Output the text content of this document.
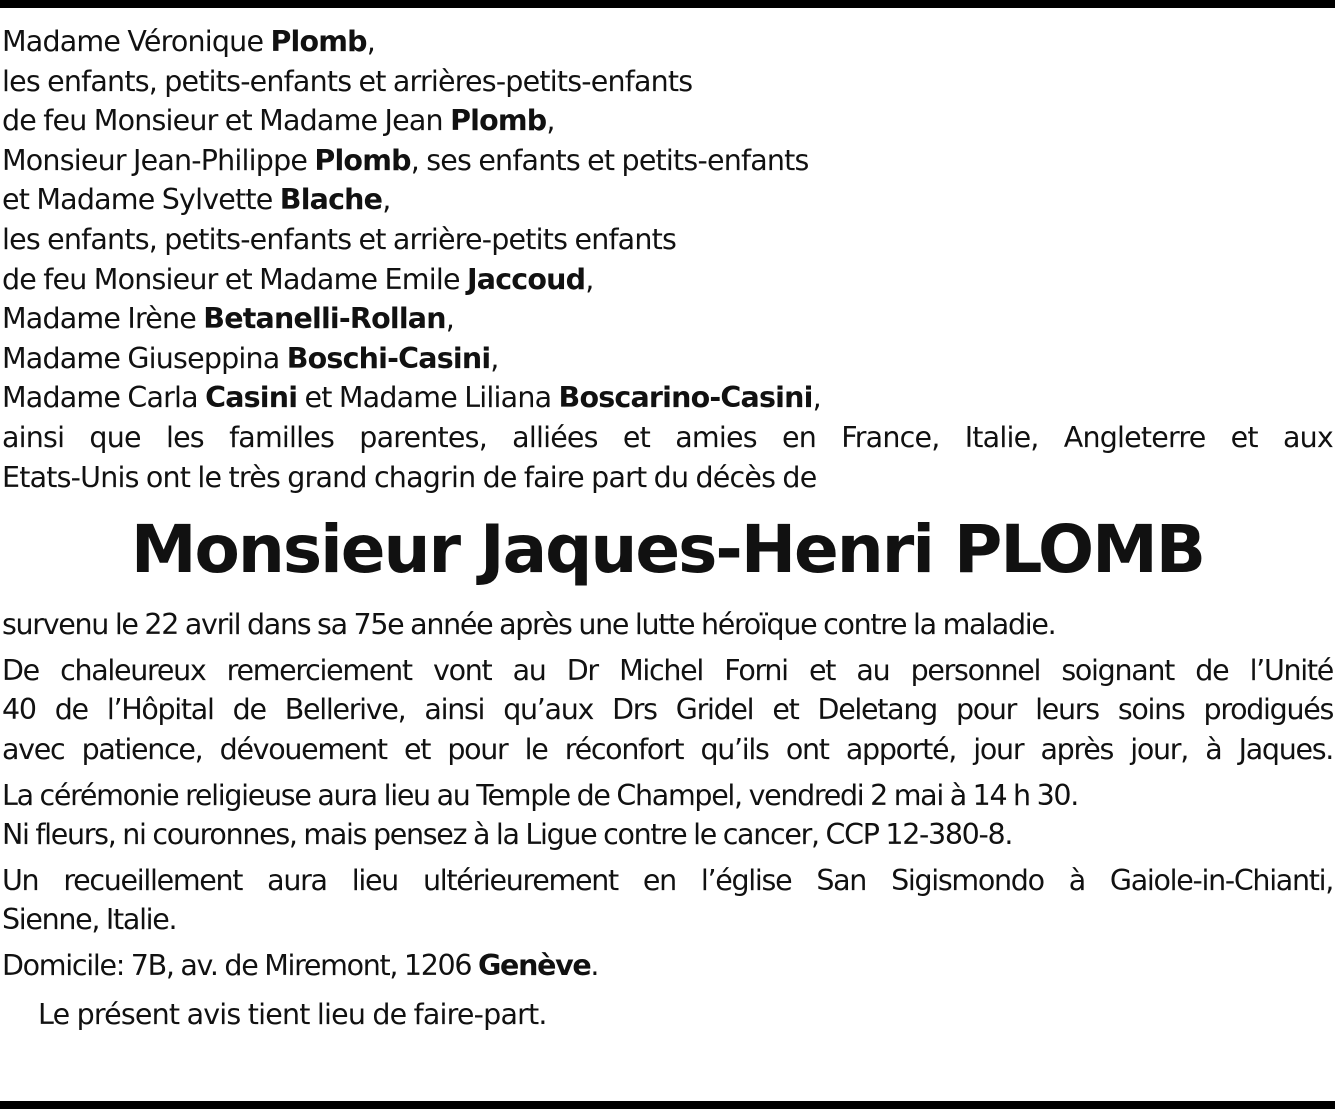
Madame Véronique Plomb,
les enfants, petits-enfants et arrières-petits-enfants
de feu Monsieur et Madame Jean Plomb,
Monsieur Jean-Philippe Plomb, ses enfants et petits-enfants
et Madame Sylvette Blache,
les enfants, petits-enfants et arrière-petits enfants
de feu Monsieur et Madame Emile Jaccoud,
Madame Irène Betanelli-Rollan,
Madame Giuseppina Boschi-Casini,
Madame Carla Casini et Madame Liliana Boscarino-Casini,
ainsi que les familles parentes, alliées et amies en France, Italie, Angleterre et aux
Etats-Unis ont le très grand chagrin de faire part du décès de
Monsieur Jaques-Henri PLOMB
survenu le 22 avril dans sa 75e année après une lutte héroïque contre la maladie.
De chaleureux remerciement vont au Dr Michel Forni et au personnel soignant de l’Unité
40 de l’Hôpital de Bellerive, ainsi qu’aux Drs Gridel et Deletang pour leurs soins prodigués
avec patience, dévouement et pour le réconfort qu’ils ont apporté, jour après jour, à Jaques.
La cérémonie religieuse aura lieu au Temple de Champel, vendredi 2 mai à 14 h 30.
Ni fleurs, ni couronnes, mais pensez à la Ligue contre le cancer, CCP 12-380-8.
Un recueillement aura lieu ultérieurement en l’église San Sigismondo à Gaiole-in-Chianti,
Sienne, Italie.
Domicile: 7B, av. de Miremont, 1206 Genève.
Le présent avis tient lieu de faire-part.
